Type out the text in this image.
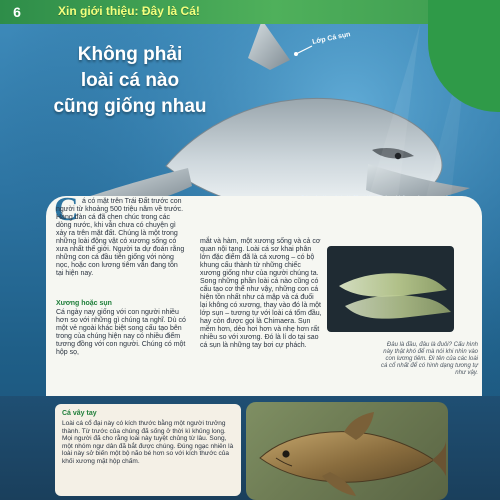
6	Xin giới thiệu: Đây là Cá!
Không phải
loài cá nào
cũng giống nhau
Lớp Cá sụn
C á có mặt trên Trái Đất trước con người từ khoảng 500 triệu năm về trước. Hàng đàn cá đã chen chúc trong các dòng nước, khi vẫn chưa có chuyện gì xảy ra trên mặt đất. Chúng là một trong những loài động vật có xương sống có xưa nhất thế giới. Người ta dự đoán rằng những con cá đầu tiên giống với nòng nọc, hoặc con lương tiêm vẫn đang tồn tại hiện nay.

mắt và hàm, một xương sống và cả cơ quan nội tạng. Loài cá sơ khai phân lớn đặc điểm đã là cá xương – có bộ khung cấu thành từ những chiếc xương giống như của người chúng ta. Song những phần loài cá nào cũng có cấu tạo cơ thể như vậy, những con cá hiện tồn nhất như cá mập và cá đuối lại không có xương, thay vào đó là một lớp sụn – tương tự với loài cá tổm đầu, hay còn được gọi là Chimaera. Sụn mềm hơn, dẻo hơi hơn và nhẹ hơn rất nhiều so với xương. Đó là lí do tại sao cá sụn là những tay bơi cự phách.
Xương hoặc sụn
Cá ngày nay giống với con người nhiều hơn so với những gì chúng ta nghĩ. Dù có một vẻ ngoài khác biệt song cấu tạo bên trong của chúng hiện nay có nhiều điểm tương đồng với con người. Chúng có một hộp sọ,
Đâu là đầu, đâu là đuôi? Cấu hình này thật khó để mà nói khi nhìn vào con lương tiêm. Đì tên của các loài cá cổ nhất để có hình dạng tương tự như vậy.
Cá vây tay
Loài cá cổ đại này có kích thước bằng một người trưởng thành. Từ trước của chúng đã sống ở thời kì khủng long. Mọi người đã cho rằng loài này tuyệt chủng từ lâu. Song, một nhóm ngư dân đã bắt được chúng. Đúng ngạc nhiên là loài này sở biến một bộ não bé hơn so với kích thước của khối xương mặt hộp chấm.
